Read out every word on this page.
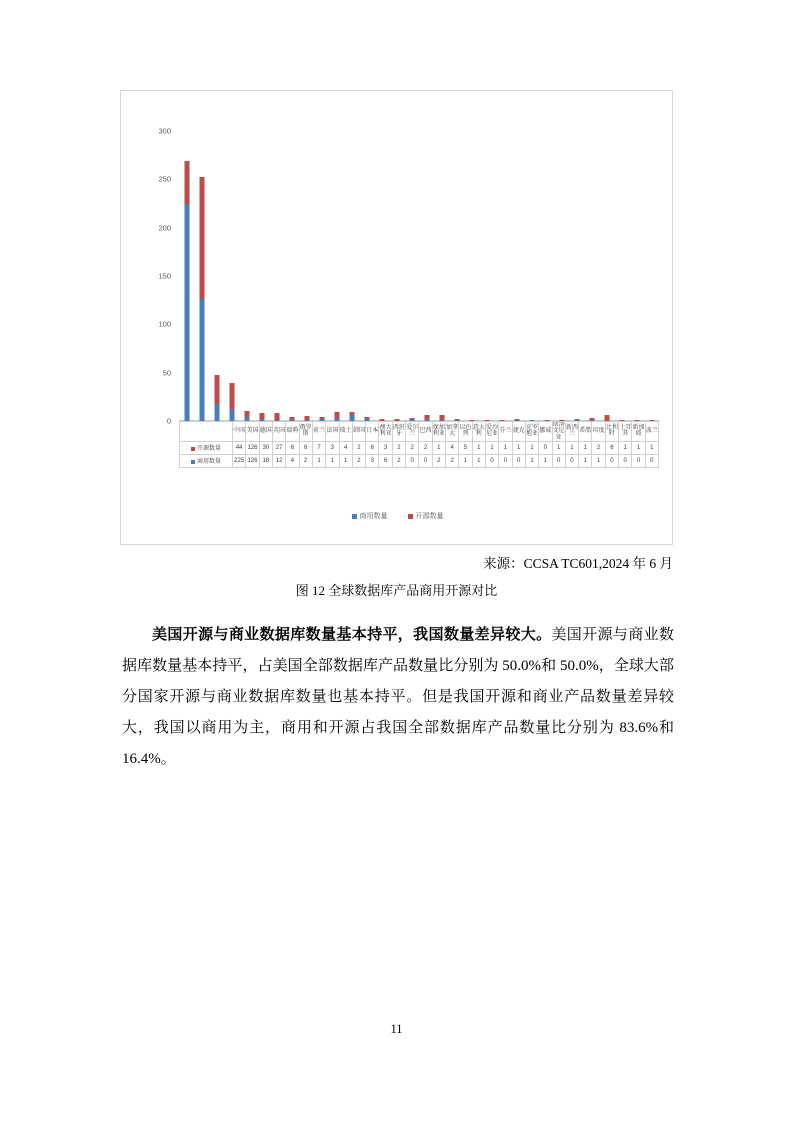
0
50
100
150
200
250
300

	中国	美国	德国	英国	瑞典	俄罗斯	荷兰	法国	瑞士	韩国	日本	澳大利亚	西班牙	爱尔兰	巴西	保加利亚	加拿大	以色列	意大利	爱沙尼亚	芬兰	捷克	克罗地亚	挪威	斯洛文尼亚	新西兰	希腊	印度	比利时	土耳其	新加坡	波兰

开源数量	44	126	30	27	6	6	7	3	4	2	6	3	2	2	2	1	4	5	1	1	1	1	1	0	1	1	1	2	6	1	1	1
商用数量	225	126	18	12	4	2	1	1	1	2	3	6	2	0	0	2	2	1	1	0	0	0	1	1	0	0	1	1	0	0	0	0
商用数量	开源数量
来源：CCSA TC601,2024 年 6 月
图 12 全球数据库产品商用开源对比

美国开源与商业数据库数量基本持平，我国数量差异较大。美国开源与商业数据库数量基本持平，占美国全部数据库产品数量比分别为 50.0%和 50.0%，全球大部分国家开源与商业数据库数量也基本持平。但是我国开源和商业产品数量差异较大，我国以商用为主，商用和开源占我国全部数据库产品数量比分别为 83.6%和 16.4%。

11
